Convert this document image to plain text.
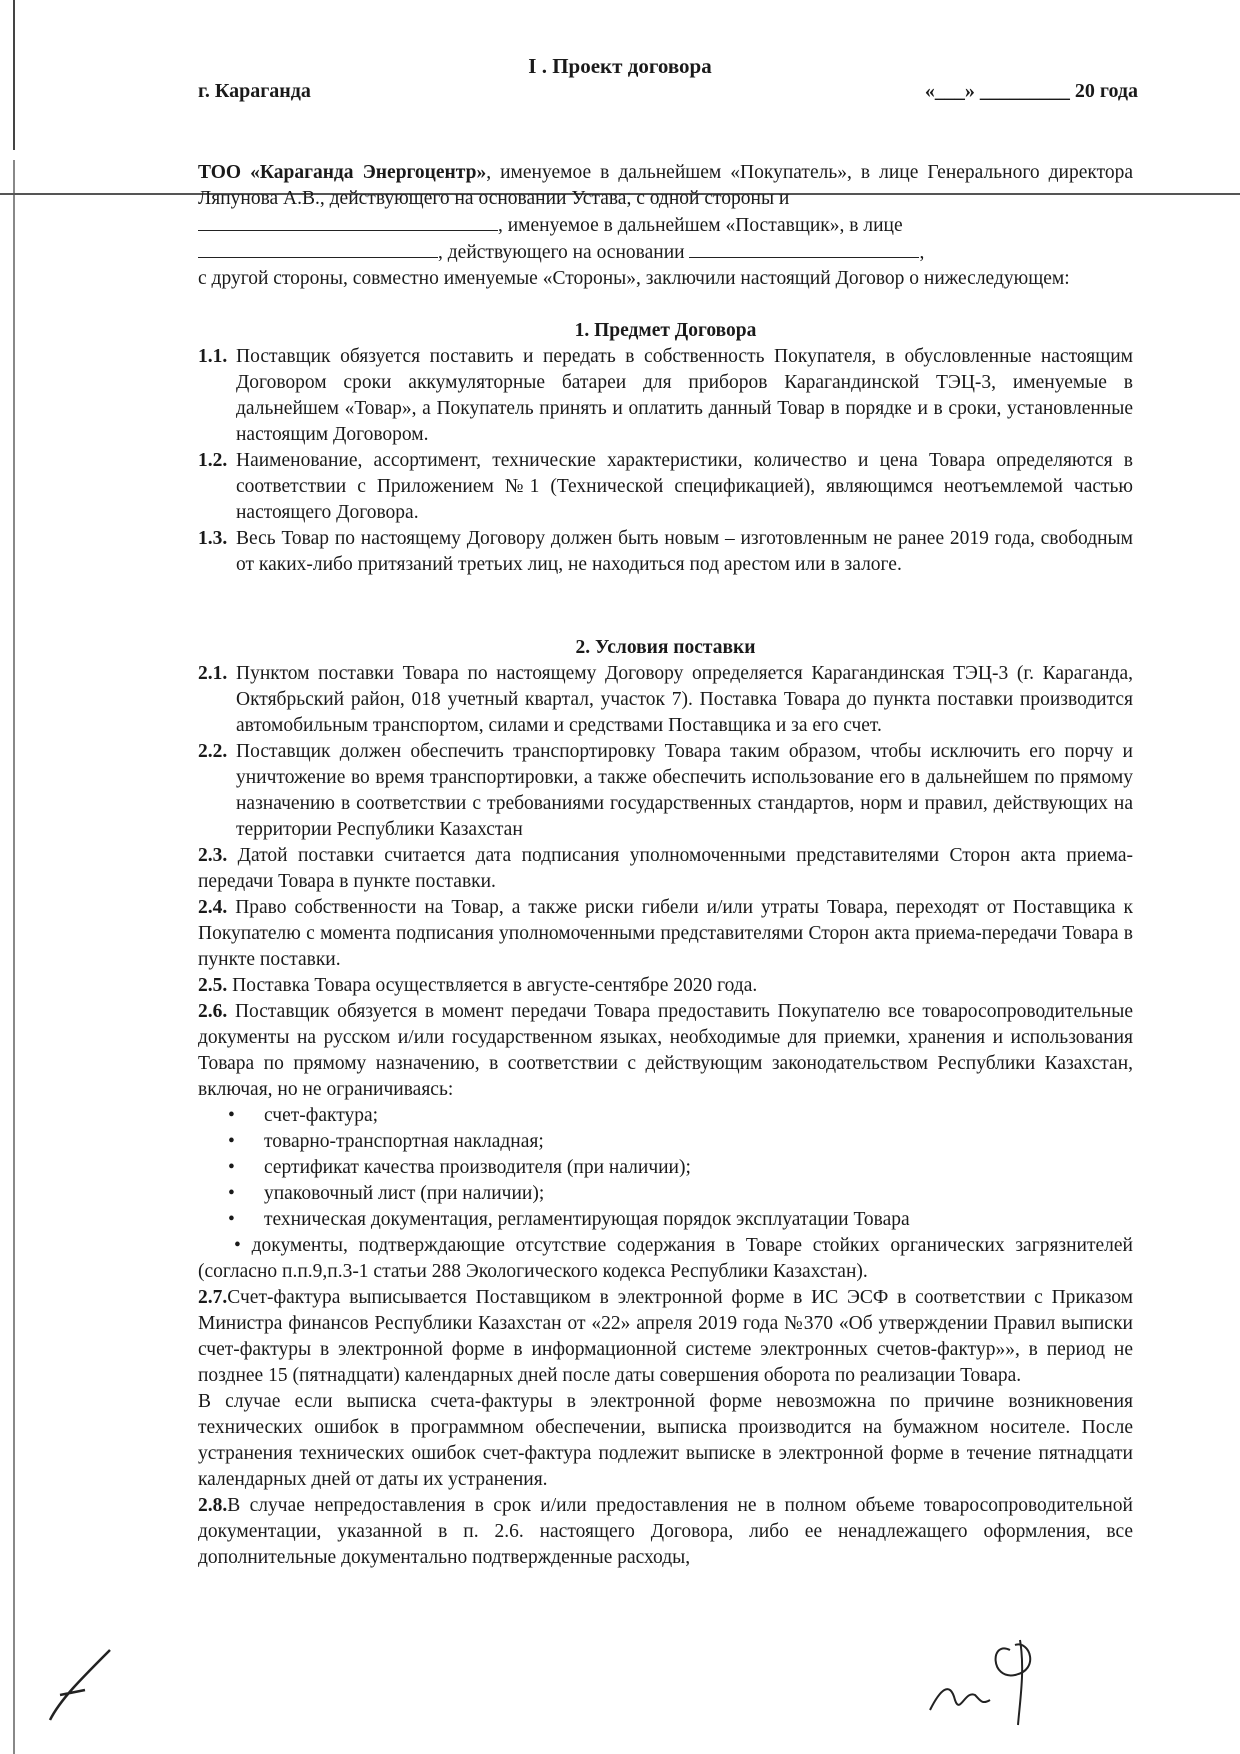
I . Проект договора
г. Караганда	«___» _________ 20 года

ТОО «Караганда Энергоцентр», именуемое в дальнейшем «Покупатель», в лице Генерального директора Ляпунова А.В., действующего на основании Устава, с одной стороны и

, именуемое в дальнейшем «Поставщик», в лице

, действующего на основании	,

с другой стороны, совместно именуемые «Стороны», заключили настоящий Договор о нижеследующем:

1. Предмет Договора

1.1. Поставщик обязуется поставить и передать в собственность Покупателя, в обусловленные настоящим Договором сроки аккумуляторные батареи для приборов Карагандинской ТЭЦ-3, именуемые в дальнейшем «Товар», а Покупатель принять и оплатить данный Товар в порядке и в сроки, установленные настоящим Договором.
1.2. Наименование, ассортимент, технические характеристики, количество и цена Товара определяются в соответствии с Приложением №1 (Технической спецификацией), являющимся неотъемлемой частью настоящего Договора.
1.3. Весь Товар по настоящему Договору должен быть новым – изготовленным не ранее 2019 года, свободным от каких-либо притязаний третьих лиц, не находиться под арестом или в залоге.

2. Условия поставки

2.1. Пунктом поставки Товара по настоящему Договору определяется Карагандинская ТЭЦ-3 (г. Караганда, Октябрьский район, 018 учетный квартал, участок 7). Поставка Товара до пункта поставки производится автомобильным транспортом, силами и средствами Поставщика и за его счет.
2.2. Поставщик должен обеспечить транспортировку Товара таким образом, чтобы исключить его порчу и уничтожение во время транспортировки, а также обеспечить использование его в дальнейшем по прямому назначению в соответствии с требованиями государственных стандартов, норм и правил, действующих на территории Республики Казахстан

2.3. Датой поставки считается дата подписания уполномоченными представителями Сторон акта приема-передачи Товара в пункте поставки.

2.4. Право собственности на Товар, а также риски гибели и/или утраты Товара, переходят от Поставщика к Покупателю с момента подписания уполномоченными представителями Сторон акта приема-передачи Товара в пункте поставки.

2.5. Поставка Товара осуществляется в августе-сентябре 2020 года.

2.6. Поставщик обязуется в момент передачи Товара предоставить Покупателю все товаросопроводительные документы на русском и/или государственном языках, необходимые для приемки, хранения и использования Товара по прямому назначению, в соответствии с действующим законодательством Республики Казахстан, включая, но не ограничиваясь:

• счет-фактура;
• товарно-транспортная накладная;
• сертификат качества производителя (при наличии);
• упаковочный лист (при наличии);
• техническая документация, регламентирующая порядок эксплуатации Товара

• документы, подтверждающие отсутствие содержания в Товаре стойких органических загрязнителей (согласно п.п.9,п.3-1 статьи 288 Экологического кодекса Республики Казахстан).

2.7.Счет-фактура выписывается Поставщиком в электронной форме в ИС ЭСФ в соответствии с Приказом Министра финансов Республики Казахстан от «22» апреля 2019 года №370 «Об утверждении Правил выписки счет-фактуры в электронной форме в информационной системе электронных счетов-фактур»», в период не позднее 15 (пятнадцати) календарных дней после даты совершения оборота по реализации Товара.

В случае если выписка счета-фактуры в электронной форме невозможна по причине возникновения технических ошибок в программном обеспечении, выписка производится на бумажном носителе. После устранения технических ошибок счет-фактура подлежит выписке в электронной форме в течение пятнадцати календарных дней от даты их устранения.

2.8.В случае непредоставления в срок и/или предоставления не в полном объеме товаросопроводительной документации, указанной в п. 2.6. настоящего Договора, либо ее ненадлежащего оформления, все дополнительные документально подтвержденные расходы,
